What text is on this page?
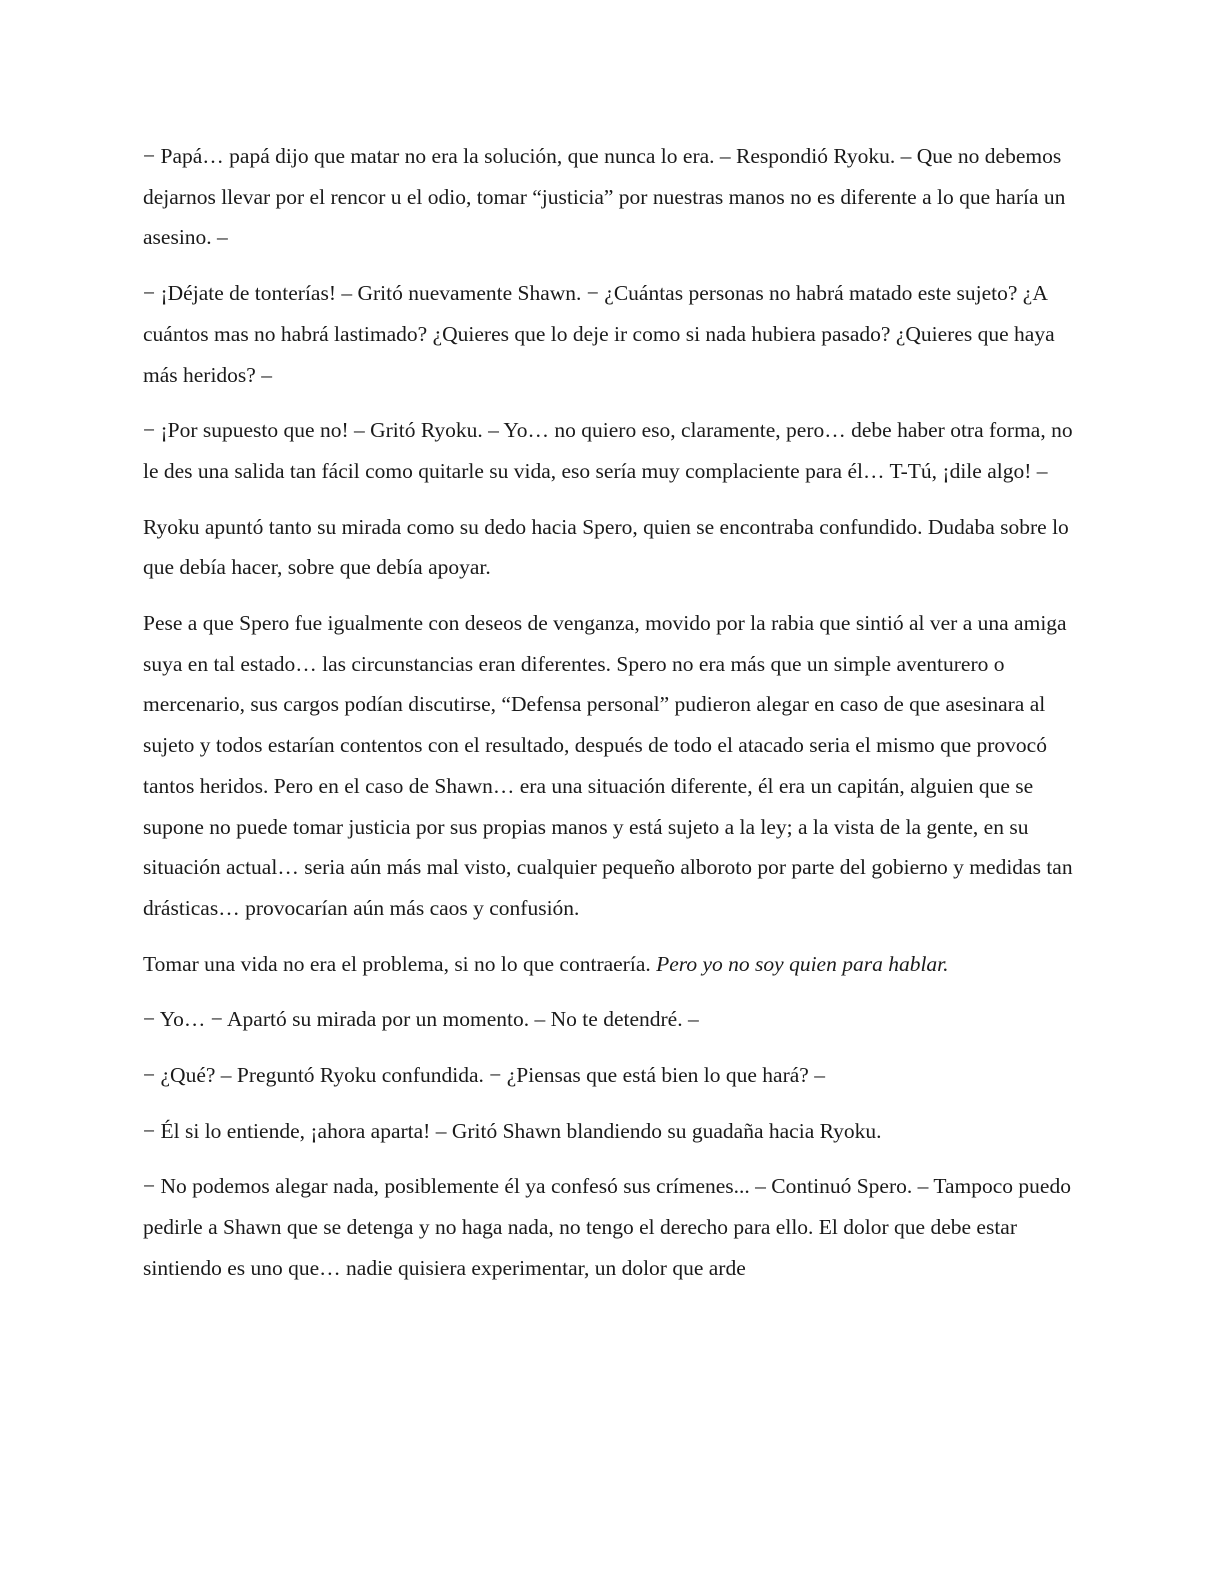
− Papá… papá dijo que matar no era la solución, que nunca lo era. – Respondió Ryoku. – Que no debemos dejarnos llevar por el rencor u el odio, tomar “justicia” por nuestras manos no es diferente a lo que haría un asesino. –

− ¡Déjate de tonterías! – Gritó nuevamente Shawn. − ¿Cuántas personas no habrá matado este sujeto? ¿A cuántos mas no habrá lastimado? ¿Quieres que lo deje ir como si nada hubiera pasado? ¿Quieres que haya más heridos? –

− ¡Por supuesto que no! – Gritó Ryoku. – Yo… no quiero eso, claramente, pero… debe haber otra forma, no le des una salida tan fácil como quitarle su vida, eso sería muy complaciente para él… T-Tú, ¡dile algo! –

Ryoku apuntó tanto su mirada como su dedo hacia Spero, quien se encontraba confundido. Dudaba sobre lo que debía hacer, sobre que debía apoyar.

Pese a que Spero fue igualmente con deseos de venganza, movido por la rabia que sintió al ver a una amiga suya en tal estado… las circunstancias eran diferentes. Spero no era más que un simple aventurero o mercenario, sus cargos podían discutirse, “Defensa personal” pudieron alegar en caso de que asesinara al sujeto y todos estarían contentos con el resultado, después de todo el atacado seria el mismo que provocó tantos heridos. Pero en el caso de Shawn… era una situación diferente, él era un capitán, alguien que se supone no puede tomar justicia por sus propias manos y está sujeto a la ley; a la vista de la gente, en su situación actual… seria aún más mal visto, cualquier pequeño alboroto por parte del gobierno y medidas tan drásticas… provocarían aún más caos y confusión.

Tomar una vida no era el problema, si no lo que contraería. Pero yo no soy quien para hablar.

− Yo… − Apartó su mirada por un momento. – No te detendré. –

− ¿Qué? – Preguntó Ryoku confundida. − ¿Piensas que está bien lo que hará? –

− Él si lo entiende, ¡ahora aparta! – Gritó Shawn blandiendo su guadaña hacia Ryoku.

− No podemos alegar nada, posiblemente él ya confesó sus crímenes... – Continuó Spero. – Tampoco puedo pedirle a Shawn que se detenga y no haga nada, no tengo el derecho para ello. El dolor que debe estar sintiendo es uno que… nadie quisiera experimentar, un dolor que arde
